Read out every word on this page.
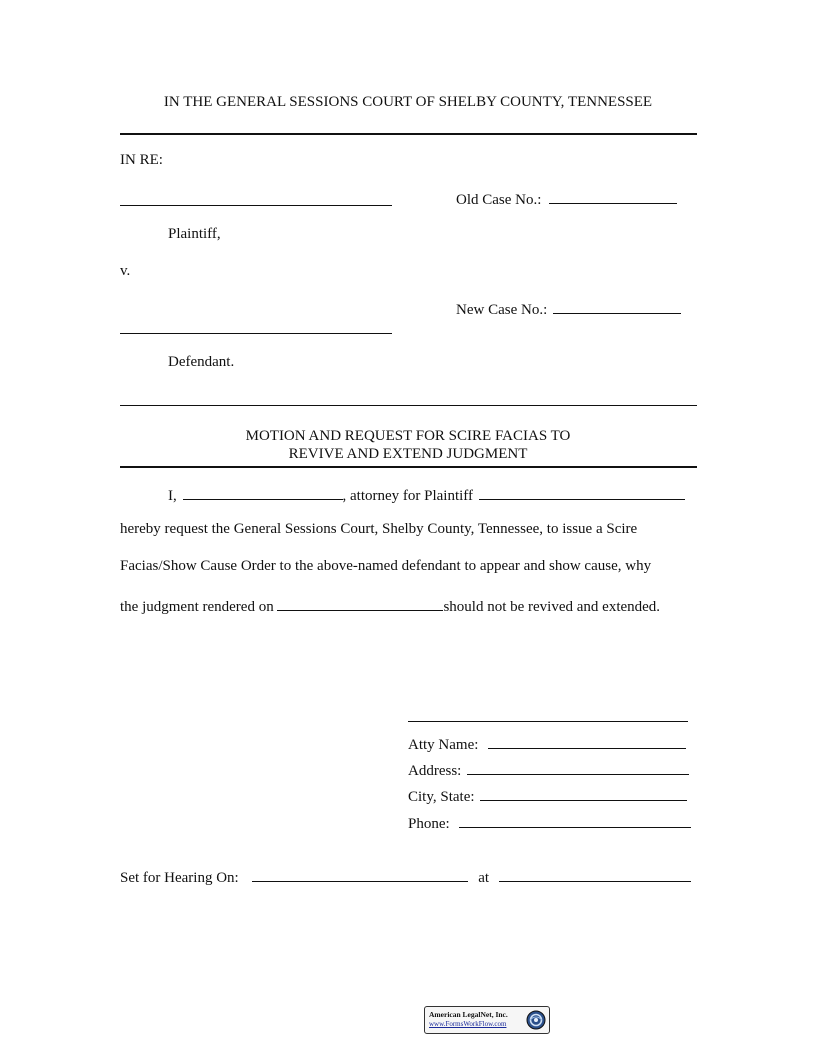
IN THE GENERAL SESSIONS COURT OF SHELBY COUNTY, TENNESSEE
IN RE:
Old Case No.:
Plaintiff,
v.
New Case No.:
Defendant.
MOTION AND REQUEST FOR SCIRE FACIAS TO
REVIVE AND EXTEND JUDGMENT
I,	, attorney for Plaintiff
hereby request the General Sessions Court, Shelby County, Tennessee, to issue a Scire
Facias/Show Cause Order to the above-named defendant to appear and show cause, why
the judgment rendered on	should not be revived and extended.
Atty Name:
Address:
City, State:
Phone:
Set for Hearing On:	at
American LegalNet, Inc.
www.FormsWorkFlow.com
